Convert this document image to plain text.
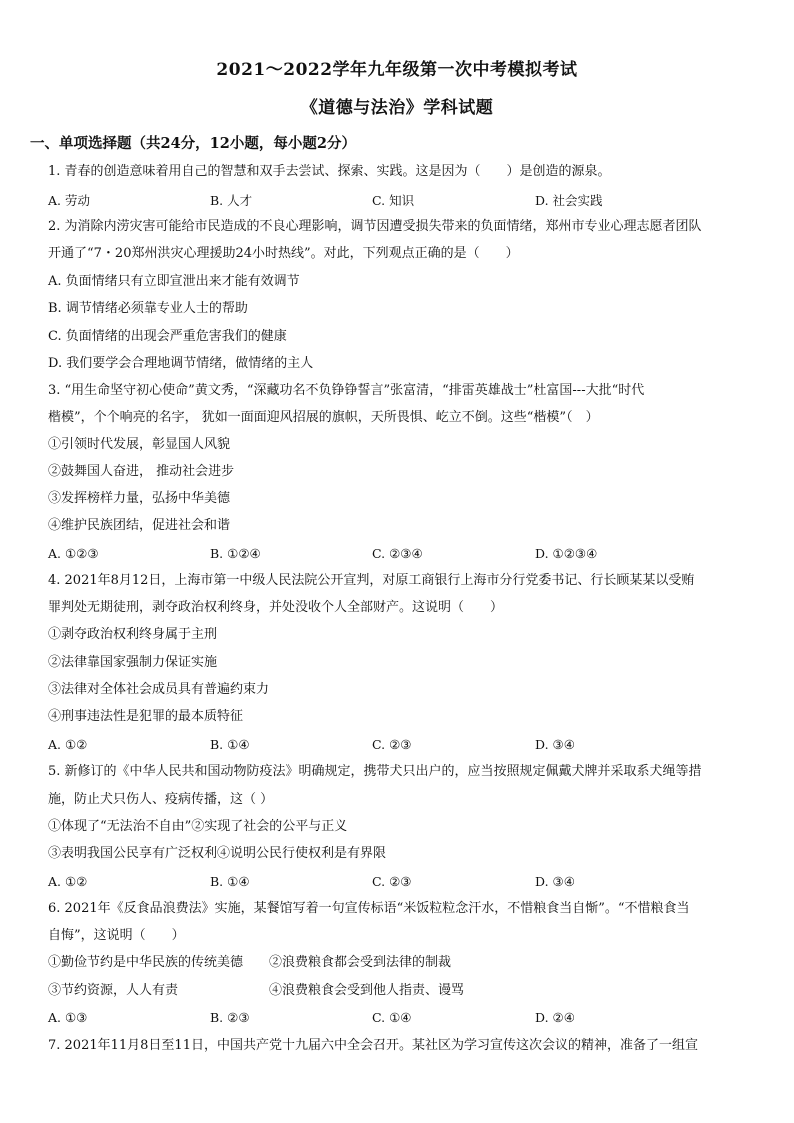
2021～2022学年九年级第一次中考模拟考试
《道德与法治》学科试题
一、单项选择题（共24分，12小题，每小题2分）
1. 青春的创造意味着用自己的智慧和双手去尝试、探索、实践。这是因为（　　）是创造的源泉。
A. 劳动	B. 人才	C. 知识	D. 社会实践
2. 为消除内涝灾害可能给市民造成的不良心理影响，调节因遭受损失带来的负面情绪，郑州市专业心理志愿者团队
开通了“7・20郑州洪灾心理援助24小时热线”。对此，下列观点正确的是（　　）
A. 负面情绪只有立即宣泄出来才能有效调节
B. 调节情绪必须靠专业人士的帮助
C. 负面情绪的出现会严重危害我们的健康
D. 我们要学会合理地调节情绪，做情绪的主人
3. “用生命坚守初心使命”黄文秀，“深藏功名不负铮铮誓言”张富清，“排雷英雄战士”杜富国---大批“时代
楷模”，个个响亮的名字， 犹如一面面迎风招展的旗帜，天所畏惧、屹立不倒。这些“楷模”（　）
①引领时代发展，彰显国人风貌
②鼓舞国人奋进， 推动社会进步
③发挥榜样力量，弘扬中华美德
④维护民族团结，促进社会和谐
A. ①②③	B. ①②④	C. ②③④	D. ①②③④
4. 2021年8月12日，上海市第一中级人民法院公开宣判，对原工商银行上海市分行党委书记、行长顾某某以受贿
罪判处无期徒刑，剥夺政治权利终身，并处没收个人全部财产。这说明（　　）
①剥夺政治权利终身属于主刑
②法律靠国家强制力保证实施
③法律对全体社会成员具有普遍约束力
④刑事违法性是犯罪的最本质特征
A. ①②	B. ①④	C. ②③	D. ③④
5. 新修订的《中华人民共和国动物防疫法》明确规定，携带犬只出户的，应当按照规定佩戴犬牌并采取系犬绳等措
施，防止犬只伤人、疫病传播，这（ ）
①体现了“无法治不自由”②实现了社会的公平与正义
③表明我国公民享有广泛权利④说明公民行使权利是有界限
A. ①②	B. ①④	C. ②③	D. ③④
6. 2021年《反食品浪费法》实施，某餐馆写着一句宣传标语“米饭粒粒念汗水，不惜粮食当自惭”。“不惜粮食当
自悔”，这说明（　　）
①勤俭节约是中华民族的传统美德　　②浪费粮食都会受到法律的制裁
③节约资源，人人有责　　　　　　　④浪费粮食会受到他人指责、谩骂
A. ①③	B. ②③	C. ①④	D. ②④
7. 2021年11月8日至11日，中国共产党十九届六中全会召开。某社区为学习宣传这次会议的精神，准备了一组宣
